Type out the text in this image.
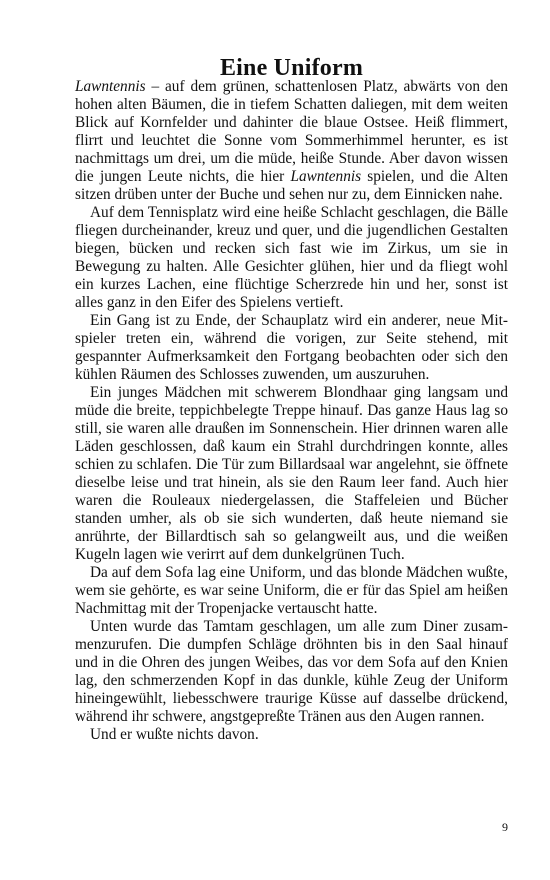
Eine Uniform

Lawntennis – auf dem grünen, schattenlosen Platz, abwärts von den hohen alten Bäumen, die in tiefem Schatten daliegen, mit dem weiten Blick auf Kornfelder und dahinter die blaue Ostsee. Heiß flimmert, flirrt und leuchtet die Sonne vom Sommerhimmel herunter, es ist nachmittags um drei, um die müde, heiße Stunde. Aber davon wissen die jungen Leute nichts, die hier Lawntennis spielen, und die Alten sitzen drüben unter der Buche und sehen nur zu, dem Einnicken nahe.

Auf dem Tennisplatz wird eine heiße Schlacht geschlagen, die Bälle fliegen durcheinander, kreuz und quer, und die jugendlichen Gestalten biegen, bücken und recken sich fast wie im Zirkus, um sie in Bewegung zu halten. Alle Gesichter glühen, hier und da fliegt wohl ein kurzes Lachen, eine flüchtige Scherzrede hin und her, sonst ist alles ganz in den Eifer des Spielens vertieft.

Ein Gang ist zu Ende, der Schauplatz wird ein anderer, neue Mitspieler treten ein, während die vorigen, zur Seite stehend, mit gespannter Aufmerksamkeit den Fortgang beobachten oder sich den kühlen Räumen des Schlosses zuwenden, um auszuruhen.

Ein junges Mädchen mit schwerem Blondhaar ging langsam und müde die breite, teppichbelegte Treppe hinauf. Das ganze Haus lag so still, sie waren alle draußen im Sonnenschein. Hier drinnen waren alle Läden geschlossen, daß kaum ein Strahl durchdringen konnte, alles schien zu schlafen. Die Tür zum Billardsaal war angelehnt, sie öffnete dieselbe leise und trat hinein, als sie den Raum leer fand. Auch hier waren die Rouleaux niedergelassen, die Staffeleien und Bücher standen umher, als ob sie sich wunderten, daß heute niemand sie anrührte, der Billardtisch sah so gelangweilt aus, und die weißen Kugeln lagen wie verirrt auf dem dunkelgrünen Tuch.

Da auf dem Sofa lag eine Uniform, und das blonde Mädchen wußte, wem sie gehörte, es war seine Uniform, die er für das Spiel am heißen Nachmittag mit der Tropenjacke vertauscht hatte.

Unten wurde das Tamtam geschlagen, um alle zum Diner zusammenzurufen. Die dumpfen Schläge dröhnten bis in den Saal hinauf und in die Ohren des jungen Weibes, das vor dem Sofa auf den Knien lag, den schmerzenden Kopf in das dunkle, kühle Zeug der Uniform hineingewühlt, liebesschwere traurige Küsse auf dasselbe drückend, während ihr schwere, angstgepreßte Tränen aus den Augen rannen.

Und er wußte nichts davon.

9
